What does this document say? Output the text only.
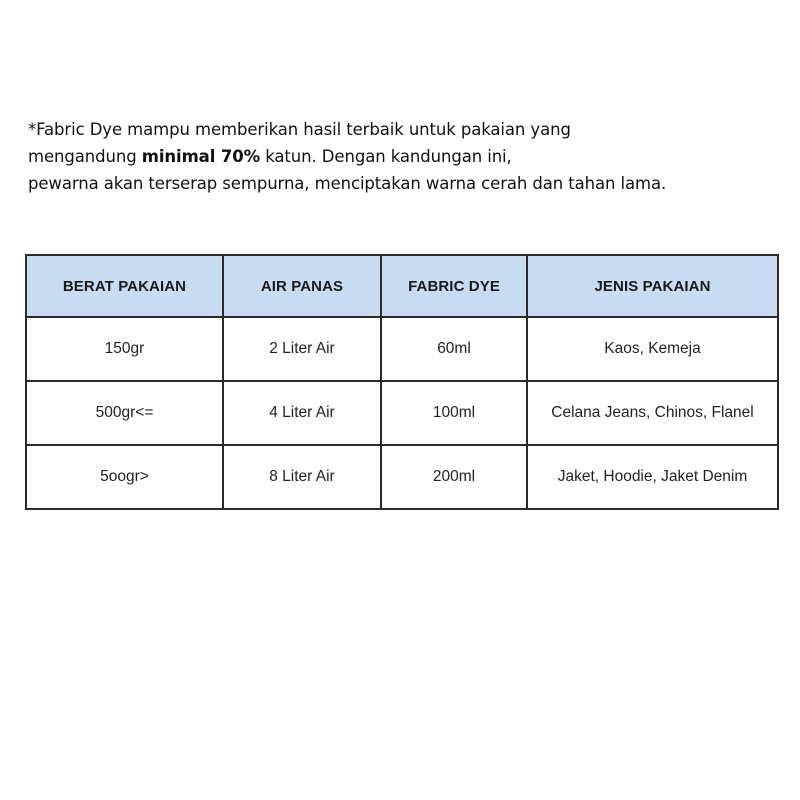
*Fabric Dye mampu memberikan hasil terbaik untuk pakaian yang
mengandung minimal 70% katun. Dengan kandungan ini,
pewarna akan terserap sempurna, menciptakan warna cerah dan tahan lama.
BERAT PAKAIAN	AIR PANAS	FABRIC DYE	JENIS PAKAIAN
150gr	2 Liter Air	60ml	Kaos, Kemeja
500gr<=	4 Liter Air	100ml	Celana Jeans, Chinos, Flanel
5oogr>	8 Liter Air	200ml	Jaket, Hoodie, Jaket Denim
